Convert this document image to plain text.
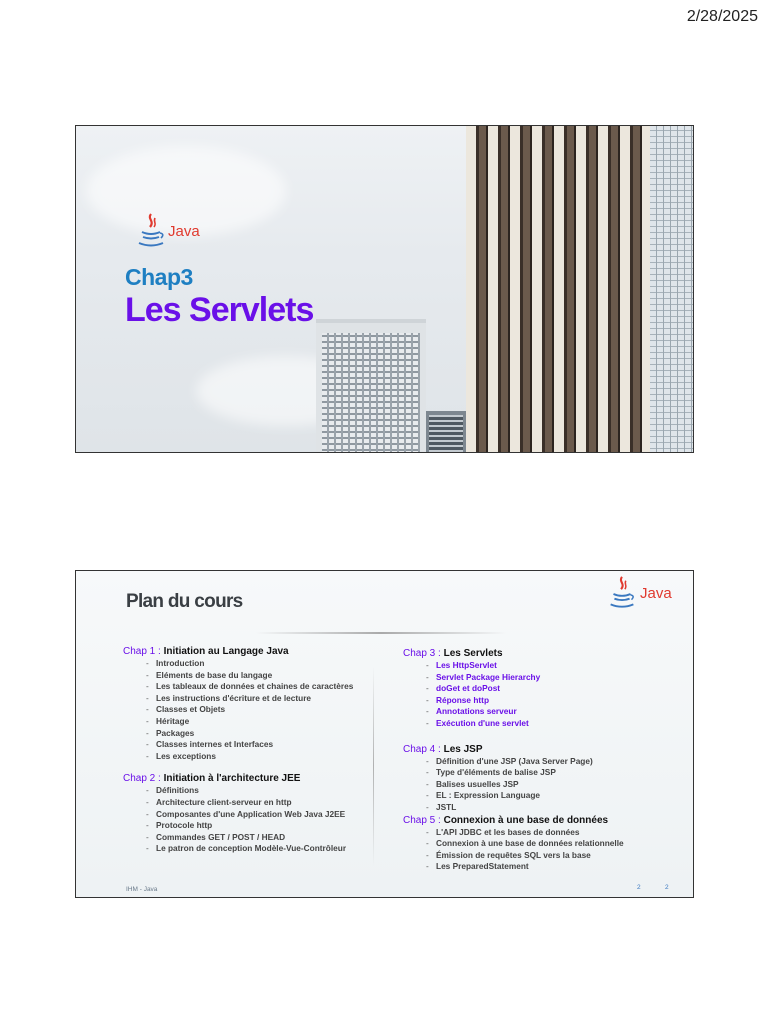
2/28/2025
Java
Chap3
Les Servlets
Plan du cours	Java
Chap 1 : Initiation au Langage Java
- Introduction
- Eléments de base du langage
- Les tableaux de données et chaines de caractères
- Les instructions d'écriture et de lecture
- Classes et Objets
- Héritage
- Packages
- Classes internes et Interfaces
- Les exceptions
Chap 2 : Initiation à l'architecture JEE
- Définitions
- Architecture client-serveur en http
- Composantes d'une Application Web Java J2EE
- Protocole http
- Commandes GET / POST / HEAD
- Le patron de conception Modèle-Vue-Contrôleur
Chap 3 : Les Servlets
- Les HttpServlet
- Servlet Package Hierarchy
- doGet et doPost
- Réponse http
- Annotations serveur
- Exécution d'une servlet
Chap 4 : Les JSP
- Définition d'une JSP (Java Server Page)
- Type d'éléments de balise JSP
- Balises usuelles JSP
- EL : Expression Language
- JSTL
Chap 5 : Connexion à une base de données
- L'API JDBC et les bases de données
- Connexion à une base de données relationnelle
- Émission de requêtes SQL vers la base
- Les PreparedStatement
IHM - Java	2	2
